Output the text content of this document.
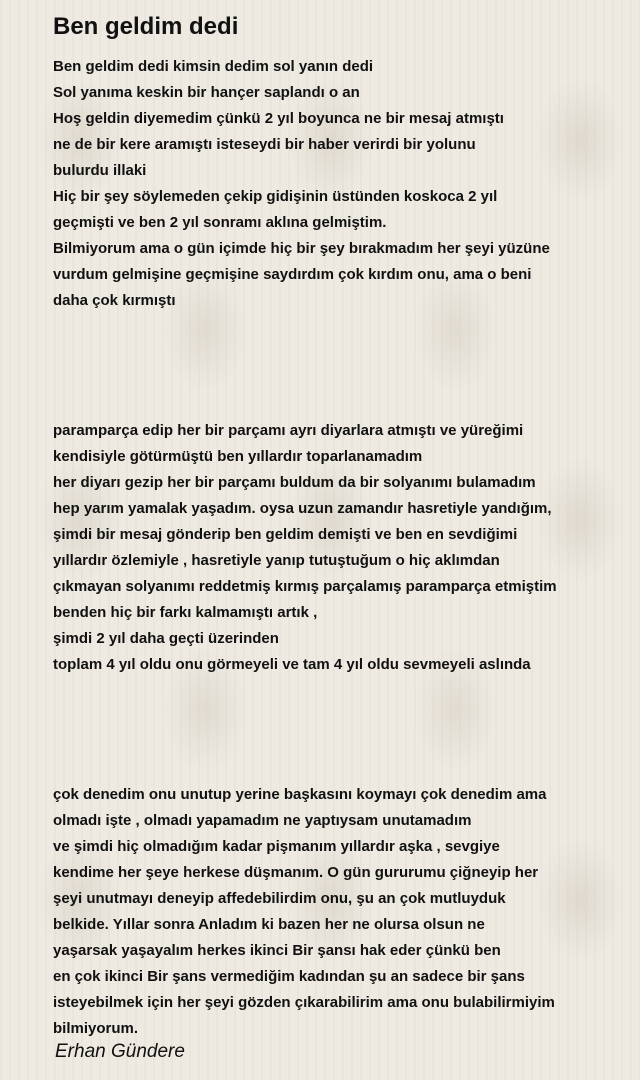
Ben geldim dedi
Ben geldim dedi kimsin dedim sol yanın dedi
Sol yanıma keskin bir hançer saplandı o an
Hoş geldin diyemedim çünkü 2 yıl boyunca ne bir mesaj atmıştı
ne de bir kere aramıştı isteseydi bir haber verirdi bir yolunu
bulurdu illaki
Hiç bir şey söylemeden çekip gidişinin üstünden koskoca 2 yıl
geçmişti ve ben 2 yıl sonramı aklına gelmiştim.
Bilmiyorum ama o gün içimde hiç bir şey bırakmadım her şeyi yüzüne
vurdum gelmişine geçmişine saydırdım çok kırdım onu, ama o beni
daha çok kırmıştı
paramparça edip her bir parçamı ayrı diyarlara atmıştı ve yüreğimi
kendisiyle götürmüştü ben yıllardır toparlanamadım
her diyarı gezip her bir parçamı buldum da bir solyanımı bulamadım
hep yarım yamalak yaşadım. oysa uzun zamandır hasretiyle yandığım,
şimdi bir mesaj gönderip ben geldim demişti ve ben en sevdiğimi
yıllardır özlemiyle , hasretiyle yanıp tutuştuğum o hiç aklımdan
çıkmayan solyanımı reddetmiş kırmış parçalamış paramparça etmiştim
benden hiç bir farkı kalmamıştı artık ,
şimdi 2 yıl daha geçti üzerinden
toplam 4 yıl oldu onu görmeyeli ve tam 4 yıl oldu sevmeyeli aslında
çok denedim onu unutup yerine başkasını koymayı çok denedim ama
olmadı işte , olmadı yapamadım ne yaptıysam unutamadım
ve şimdi hiç olmadığım kadar pişmanım yıllardır aşka , sevgiye
kendime her şeye herkese düşmanım. O gün gururumu çiğneyip her
şeyi unutmayı deneyip affedebilirdim onu, şu an çok mutluyduk
belkide. Yıllar sonra Anladım ki bazen her ne olursa olsun ne
yaşarsak yaşayalım herkes ikinci Bir şansı hak eder çünkü ben
en çok ikinci Bir şans vermediğim kadından şu an sadece bir şans
isteyebilmek için her şeyi gözden çıkarabilirim ama onu bulabilirmiyim
bilmiyorum.
Erhan Gündere
